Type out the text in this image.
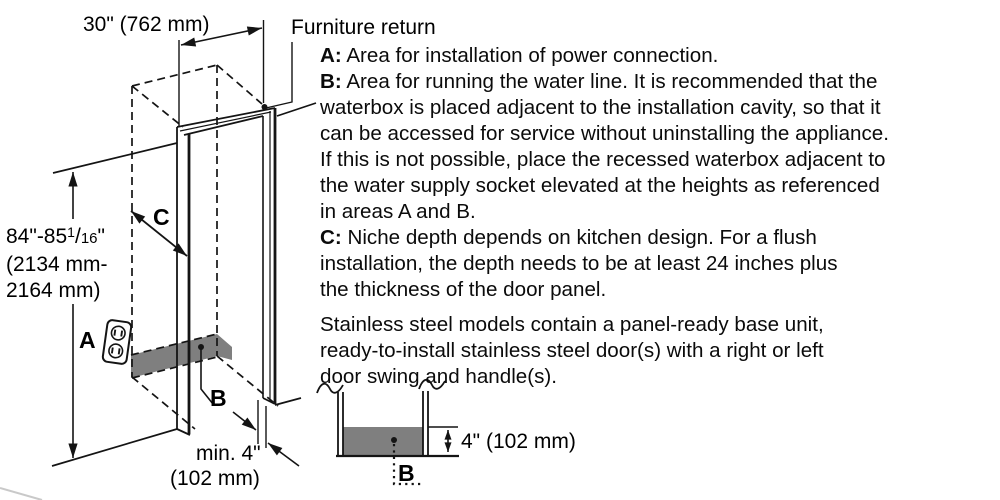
30" (762 mm)	Furniture return
$84"-85^1/16$"
(2134 mm-
2164 mm)
A
C
B
min. 4"
(102 mm)
4" (102 mm)
B

A: Area for installation of power connection.

B: Area for running the water line. It is recommended that the
waterbox is placed adjacent to the installation cavity, so that it
can be accessed for service without uninstalling the appliance.
If this is not possible, place the recessed waterbox adjacent to
the water supply socket elevated at the heights as referenced
in areas A and B.

C: Niche depth depends on kitchen design. For a flush
installation, the depth needs to be at least 24 inches plus
the thickness of the door panel.

Stainless steel models contain a panel-ready base unit,
ready-to-install stainless steel door(s) with a right or left
door swing and handle(s).
